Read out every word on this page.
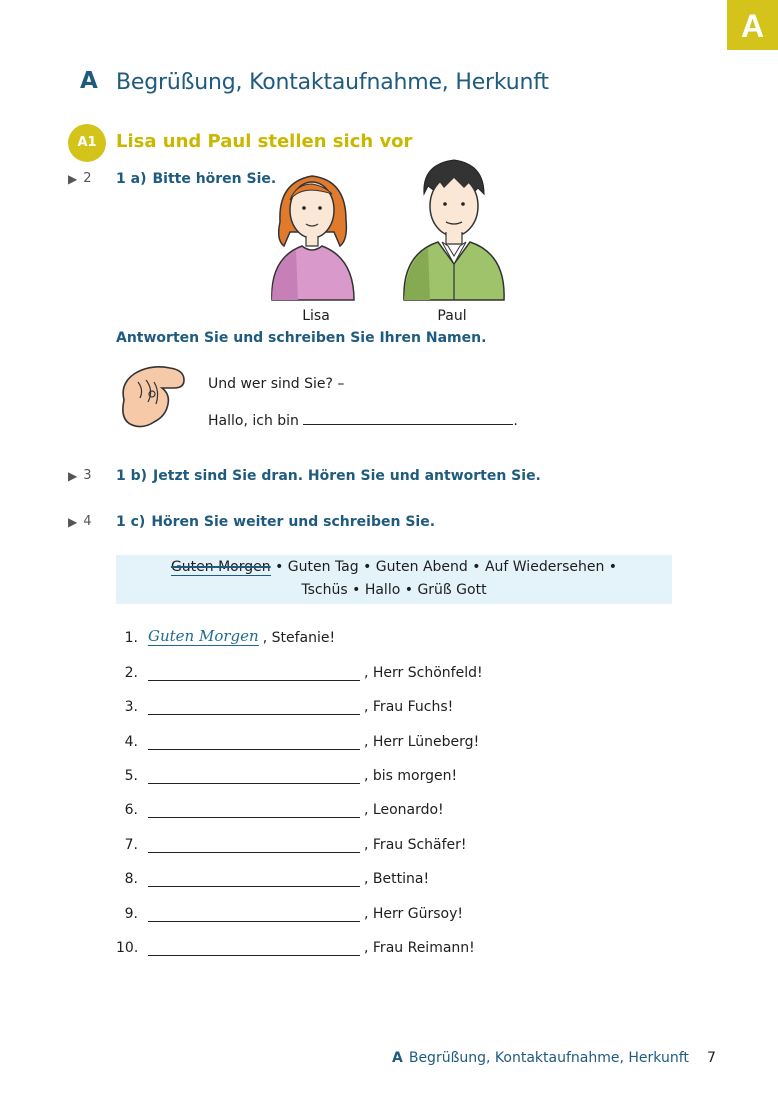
A
A Begrüßung, Kontaktaufnahme, Herkunft
A1	Lisa und Paul stellen sich vor
▶ 2 1 a) Bitte hören Sie.
Lisa	Paul
Antworten Sie und schreiben Sie Ihren Namen.
Und wer sind Sie? –
Hallo, ich bin	.
▶ 3 1 b) Jetzt sind Sie dran. Hören Sie und antworten Sie.
▶ 4 1 c) Hören Sie weiter und schreiben Sie.
Guten Morgen • Guten Tag • Guten Abend • Auf Wiedersehen •
Tschüs • Hallo • Grüß Gott
1. Guten Morgen , Stefanie!
2.	, Herr Schönfeld!
3.	, Frau Fuchs!
4.	, Herr Lüneberg!
5.	, bis morgen!
6.	, Leonardo!
7.	, Frau Schäfer!
8.	, Bettina!
9.	, Herr Gürsoy!
10.	, Frau Reimann!
A Begrüßung, Kontaktaufnahme, Herkunft 7
